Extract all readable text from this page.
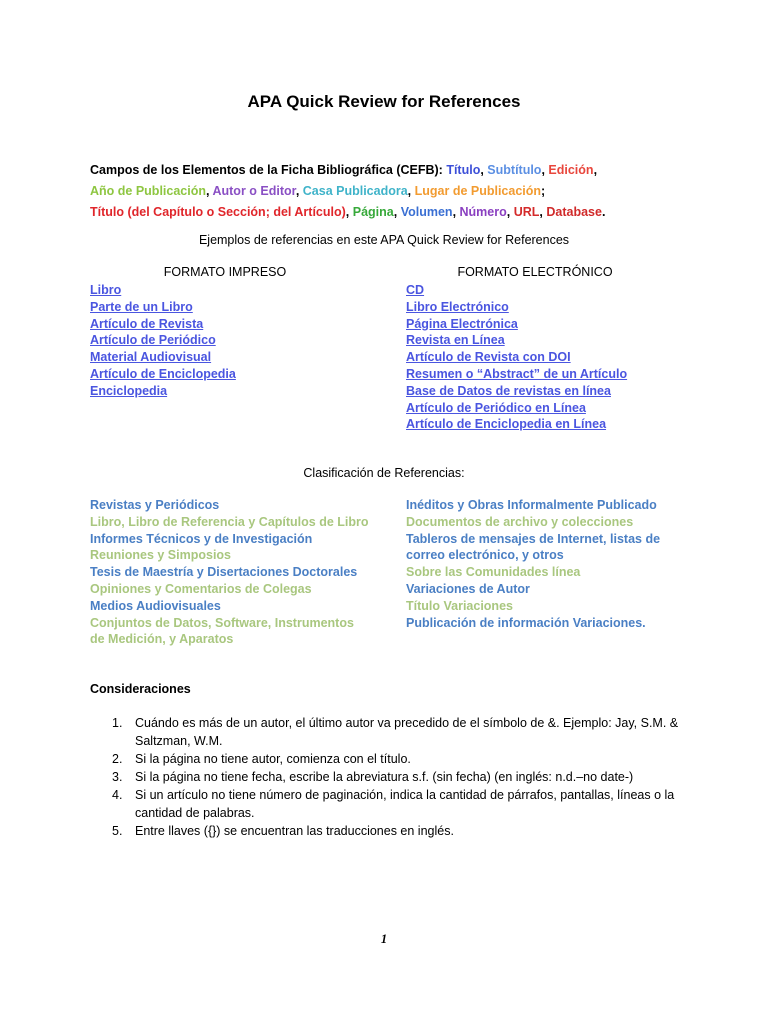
APA Quick Review for References
Campos de los Elementos de la Ficha Bibliográfica (CEFB): Título, Subtítulo, Edición, Año de Publicación, Autor o Editor, Casa Publicadora, Lugar de Publicación; Título (del Capítulo o Sección; del Artículo), Página, Volumen, Número, URL, Database.
Ejemplos de referencias en este APA Quick Review for References
FORMATO IMPRESO	FORMATO ELECTRÓNICO
Libro
Parte de un Libro
Artículo de Revista
Artículo de Periódico
Material Audiovisual
Artículo de Enciclopedia
Enciclopedia
CD
Libro Electrónico
Página Electrónica
Revista en Línea
Artículo de Revista con DOI
Resumen o “Abstract” de un Artículo
Base de Datos de revistas en línea
Artículo de Periódico en Línea
Artículo de Enciclopedia en Línea
Clasificación de Referencias:
Revistas y Periódicos
Libro, Libro de Referencia y Capítulos de Libro
Informes Técnicos y de Investigación
Reuniones y Simposios
Tesis de Maestría y Disertaciones Doctorales
Opiniones y Comentarios de Colegas
Medios Audiovisuales
Conjuntos de Datos, Software, Instrumentos
de Medición, y Aparatos
Inéditos y Obras Informalmente Publicado
Documentos de archivo y colecciones
Tableros de mensajes de Internet, listas de
correo electrónico, y otros
Sobre las Comunidades línea
Variaciones de Autor
Título Variaciones
Publicación de información Variaciones.
Consideraciones
1. Cuándo es más de un autor, el último autor va precedido de el símbolo de &. Ejemplo: Jay, S.M. & Saltzman, W.M.
2. Si la página no tiene autor, comienza con el título.
3. Si la página no tiene fecha, escribe la abreviatura s.f. (sin fecha) (en inglés: n.d.–no date-)
4. Si un artículo no tiene número de paginación, indica la cantidad de párrafos, pantallas, líneas o la cantidad de palabras.
5. Entre llaves ({}) se encuentran las traducciones en inglés.
1
